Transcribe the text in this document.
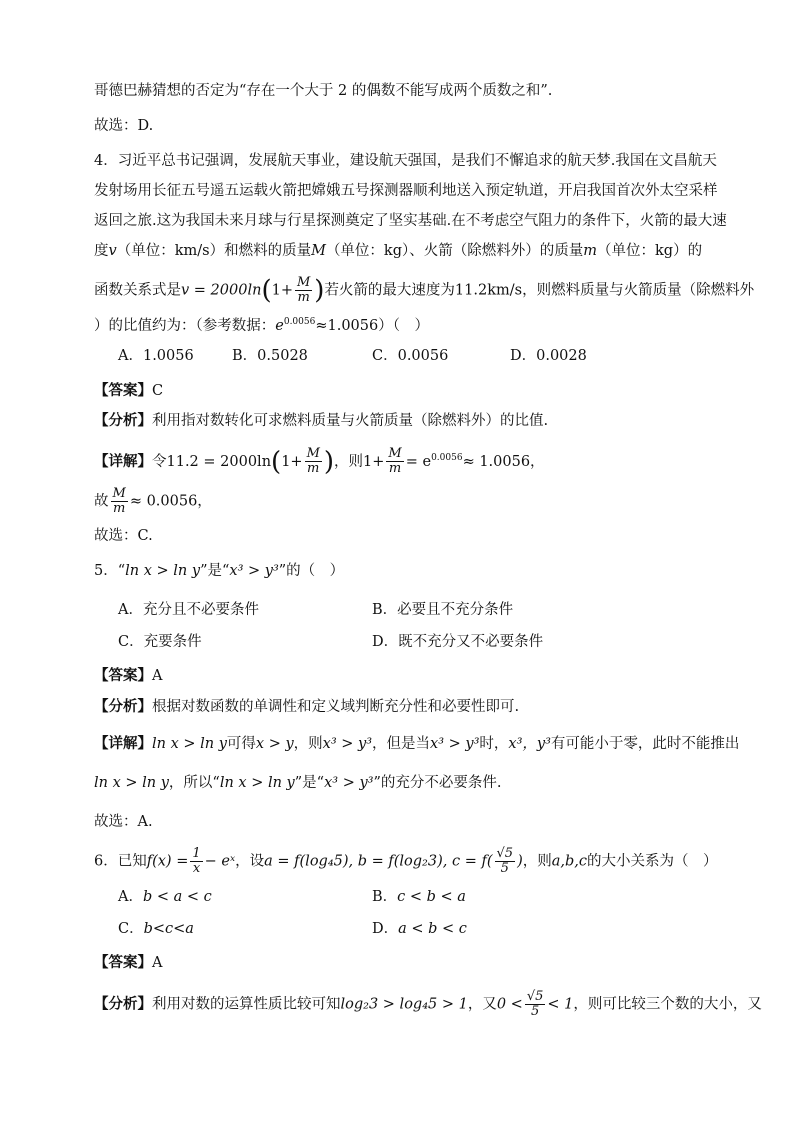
哥德巴赫猜想的否定为“存在一个大于 2 的偶数不能写成两个质数之和”.
故选：D.
4．习近平总书记强调，发展航天事业，建设航天强国，是我们不懈追求的航天梦.我国在文昌航天
发射场用长征五号遥五运载火箭把嫦娥五号探测器顺利地送入预定轨道，开启我国首次外太空采样
返回之旅.这为我国未来月球与行星探测奠定了坚实基础.在不考虑空气阻力的条件下，火箭的最大速
度v（单位：km/s）和燃料的质量M（单位：kg）、火箭（除燃料外）的质量m（单位：kg）的
函数关系式是$v = 2000\ln(1+ \frac{M}{m}$ )若火箭的最大速度为11.2km/s，则燃料质量与火箭质量（除燃料外
）的比值约为：（参考数据：$e^{0.0056}\approx 1.0056$）（　）
A．1.0056	B．0.5028	C．0.0056	D．0.0028
【答案】C
【分析】利用指对数转化可求燃料质量与火箭质量（除燃料外）的比值.
【详解】令$11.2 = 2000\ln(1+ \frac{M}{m}$ )，则$1+ \frac{M}{m} = e^{0.0056}\approx 1.0056$，
故 $\frac{M}{m} \approx 0.0056$，
故选：C.
5．“ln x > ln y”是“x³ > y³”的（　）
A．充分且不必要条件	B．必要且不充分条件
C．充要条件	D．既不充分又不必要条件
【答案】A
【分析】根据对数函数的单调性和定义域判断充分性和必要性即可.
【详解】ln x > ln y可得x > y，则x³ > y³，但是当x³ > y³时，x³，y³有可能小于零，此时不能推出
ln x > ln y，所以“ln x > ln y”是“x³ > y³”的充分不必要条件.
故选：A.
6．已知$f(x) = \frac{1}{x}$ − eˣ，设a = f(log₄5), b = f(log₂3), $c = f( \frac{√5}{5}$ )，则a,b,c的大小关系为（　）
A．b < a < c	B．c < b < a
C．b<c<a	D．a < b < c
【答案】A
【分析】利用对数的运算性质比较可知log₂3 > log₄5 > 1，又$0 < \frac{√5}{5} < 1$，则可比较三个数的大小，又
